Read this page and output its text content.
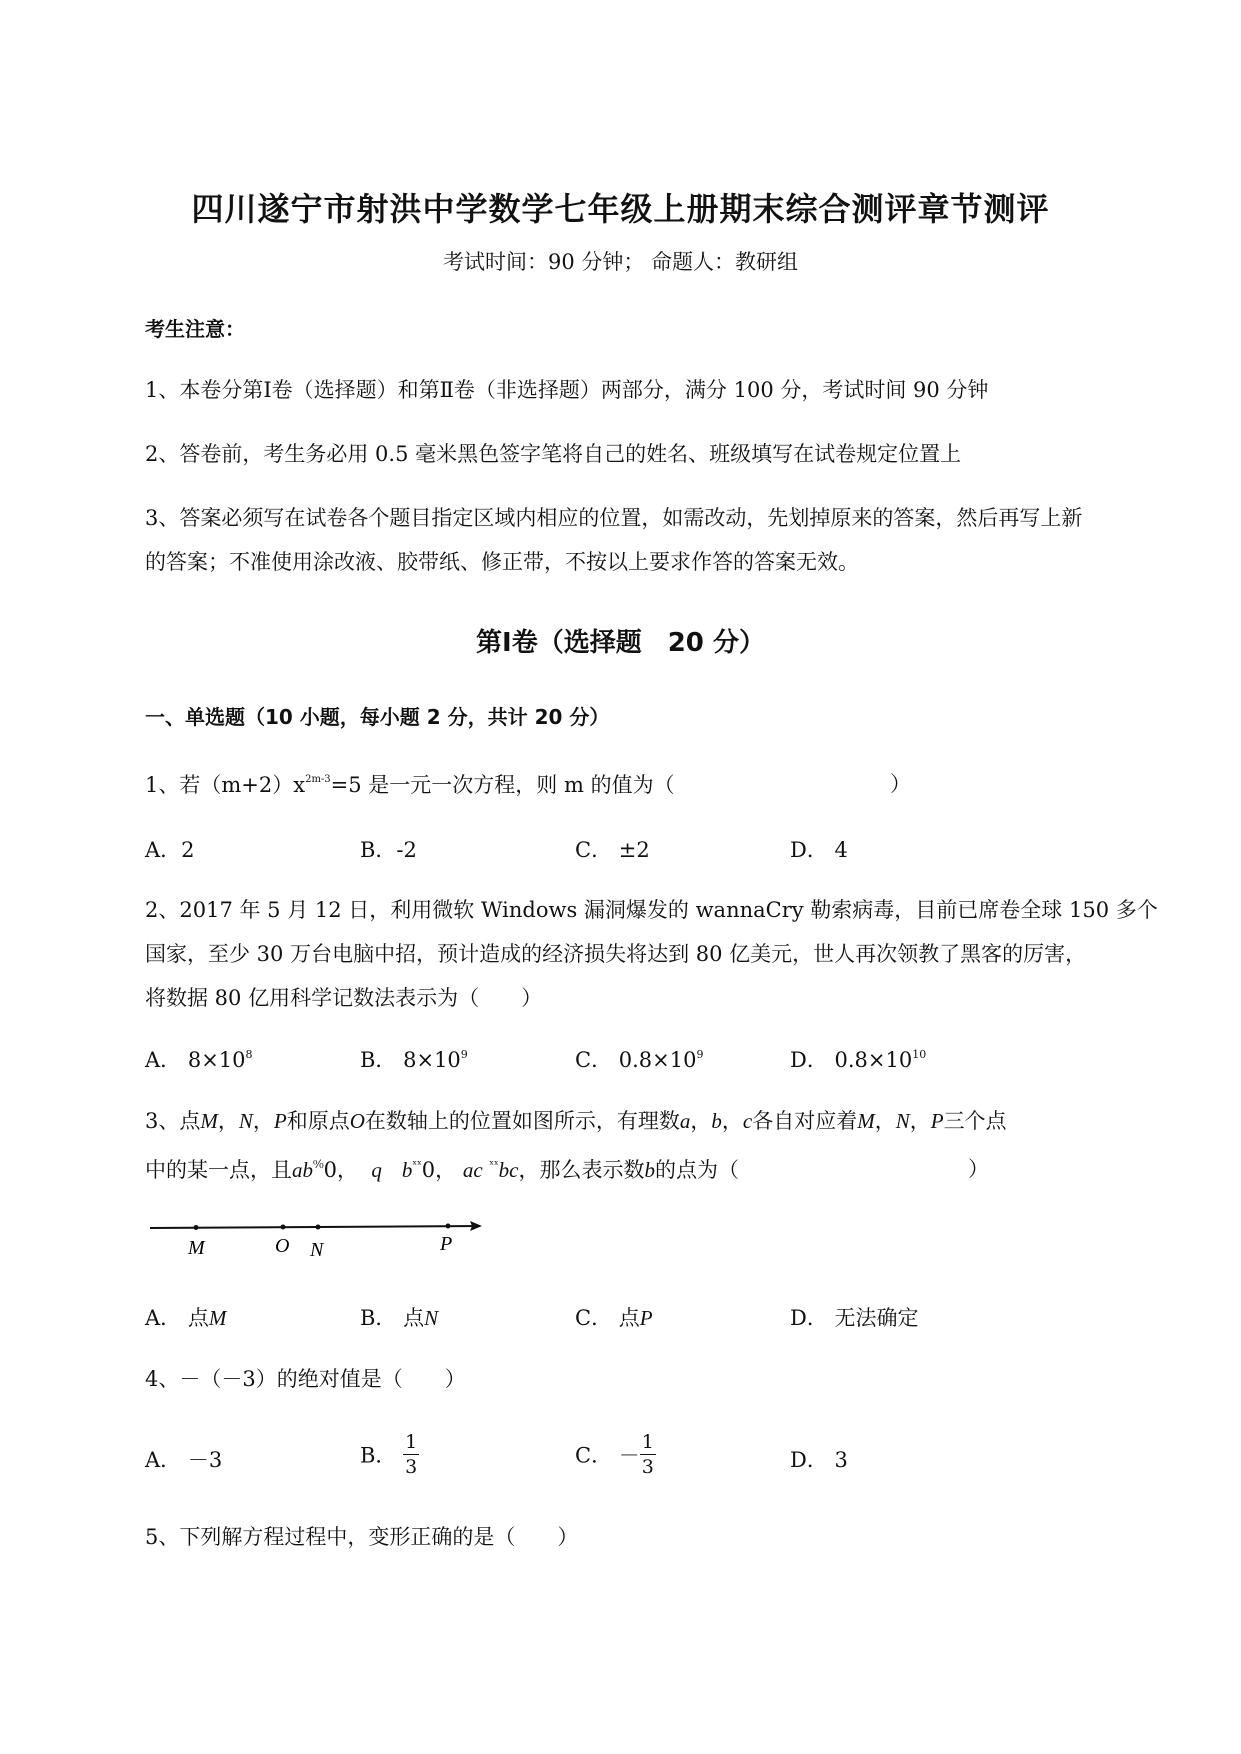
四川遂宁市射洪中学数学七年级上册期末综合测评章节测评
考试时间：90 分钟； 命题人：教研组
考生注意：
1、本卷分第Ⅰ卷（选择题）和第Ⅱ卷（非选择题）两部分，满分 100 分，考试时间 90 分钟
2、答卷前，考生务必用 0.5 毫米黑色签字笔将自己的姓名、班级填写在试卷规定位置上
3、答案必须写在试卷各个题目指定区域内相应的位置，如需改动，先划掉原来的答案，然后再写上新
的答案；不准使用涂改液、胶带纸、修正带，不按以上要求作答的答案无效。
第Ⅰ卷（选择题　20 分）
一、单选题（10 小题，每小题 2 分，共计 20 分）
1、若$(m+2)x^{2m-3}=5$ 是一元一次方程，则 m 的值为（	）
A．2	B．-2	C． ±2	D． 4
2、2017 年 5 月 12 日，利用微软 Windows 漏洞爆发的 wannaCry 勒索病毒，目前已席卷全球 150 多个
国家，至少 30 万台电脑中招，预计造成的经济损失将达到 80 亿美元，世人再次领教了黑客的厉害，
将数据 80 亿用科学记数法表示为（　　）
A． $8\times 10^8$	B． $8\times 10^9$	C． $0.8\times 10^9$	D． $0.8\times 10^{10}$
3、点M，N，P和原点O在数轴上的位置如图所示，有理数a，b，c各自对应着M，N，P三个点
中的某一点，且$ab^{^0⁄_0}0$， q $b^{ˣˣ}0$， ac $^{ˣˣ}$bc，那么表示数b的点为（	）
M	O N	P
A． 点M	B． 点N	C． 点P	D． 无法确定
4、－（－3）的绝对值是（　　）
A． －3	B． $\frac{1}{3}$	C． － $\frac{1}{3}$	D． 3
5、下列解方程过程中，变形正确的是（　　）
